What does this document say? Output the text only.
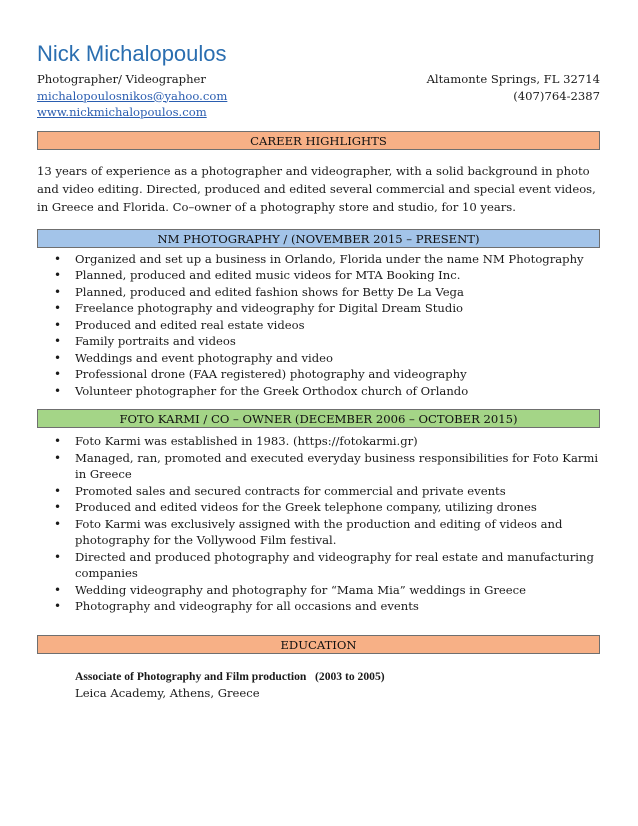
Nick Michalopoulos
Photographer/ Videographer	Altamonte Springs, FL 32714
michalopoulosnikos@yahoo.com	(407)764-2387
www.nickmichalopoulos.com
CAREER HIGHLIGHTS
13 years of experience as a photographer and videographer, with a solid background in photo and video editing. Directed, produced and edited several commercial and special event videos, in Greece and Florida. Co–owner of a photography store and studio, for 10 years.
NM PHOTOGRAPHY / (NOVEMBER 2015 – PRESENT)
• Organized and set up a business in Orlando, Florida under the name NM Photography
• Planned, produced and edited music videos for MTA Booking Inc.
• Planned, produced and edited fashion shows for Betty De La Vega
• Freelance photography and videography for Digital Dream Studio
• Produced and edited real estate videos
• Family portraits and videos
• Weddings and event photography and video
• Professional drone (FAA registered) photography and videography
• Volunteer photographer for the Greek Orthodox church of Orlando
FOTO KARMI / CO – OWNER (DECEMBER 2006 – OCTOBER 2015)
• Foto Karmi was established in 1983. (https://fotokarmi.gr)
• Managed, ran, promoted and executed everyday business responsibilities for Foto Karmi in Greece
• Promoted sales and secured contracts for commercial and private events
• Produced and edited videos for the Greek telephone company, utilizing drones
• Foto Karmi was exclusively assigned with the production and editing of videos and photography for the Vollywood Film festival.
• Directed and produced photography and videography for real estate and manufacturing companies
• Wedding videography and photography for “Mama Mia” weddings in Greece
• Photography and videography for all occasions and events
EDUCATION
Associate of Photography and Film production   (2003 to 2005)
Leica Academy, Athens, Greece
